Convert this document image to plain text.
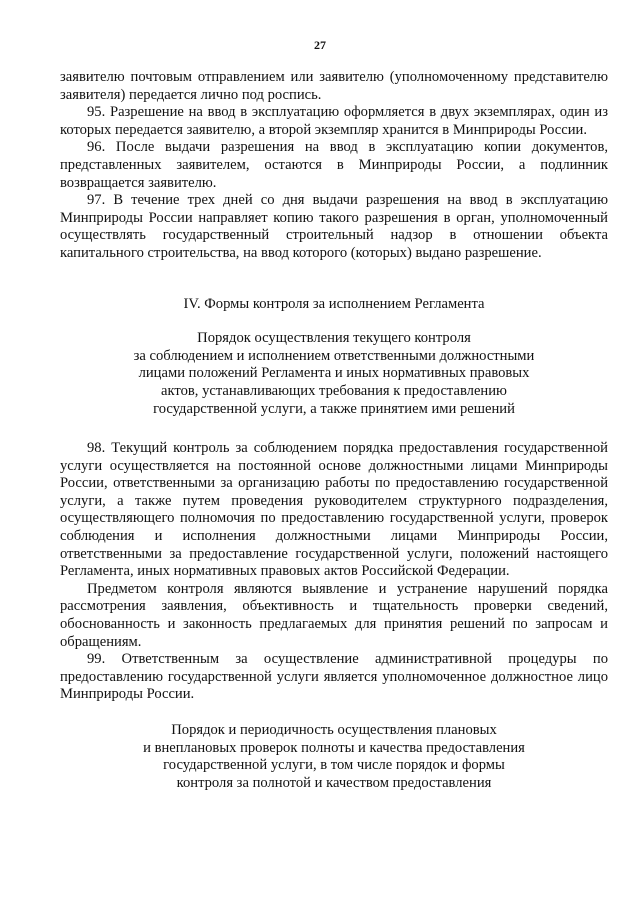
27

заявителю почтовым отправлением или заявителю (уполномоченному представителю заявителя) передается лично под роспись.

95. Разрешение на ввод в эксплуатацию оформляется в двух экземплярах, один из которых передается заявителю, а второй экземпляр хранится в Минприроды России.

96. После выдачи разрешения на ввод в эксплуатацию копии документов, представленных заявителем, остаются в Минприроды России, а подлинник возвращается заявителю.

97. В течение трех дней со дня выдачи разрешения на ввод в эксплуатацию Минприроды России направляет копию такого разрешения в орган, уполномоченный осуществлять государственный строительный надзор в отношении объекта капитального строительства, на ввод которого (которых) выдано разрешение.

IV. Формы контроля за исполнением Регламента

Порядок осуществления текущего контроля
за соблюдением и исполнением ответственными должностными
лицами положений Регламента и иных нормативных правовых
актов, устанавливающих требования к предоставлению
государственной услуги, а также принятием ими решений

98. Текущий контроль за соблюдением порядка предоставления государственной услуги осуществляется на постоянной основе должностными лицами Минприроды России, ответственными за организацию работы по предоставлению государственной услуги, а также путем проведения руководителем структурного подразделения, осуществляющего полномочия по предоставлению государственной услуги, проверок соблюдения и исполнения должностными лицами Минприроды России, ответственными за предоставление государственной услуги, положений настоящего Регламента, иных нормативных правовых актов Российской Федерации.

Предметом контроля являются выявление и устранение нарушений порядка рассмотрения заявления, объективность и тщательность проверки сведений, обоснованность и законность предлагаемых для принятия решений по запросам и обращениям.

99. Ответственным за осуществление административной процедуры по предоставлению государственной услуги является уполномоченное должностное лицо Минприроды России.

Порядок и периодичность осуществления плановых
и внеплановых проверок полноты и качества предоставления
государственной услуги, в том числе порядок и формы
контроля за полнотой и качеством предоставления
